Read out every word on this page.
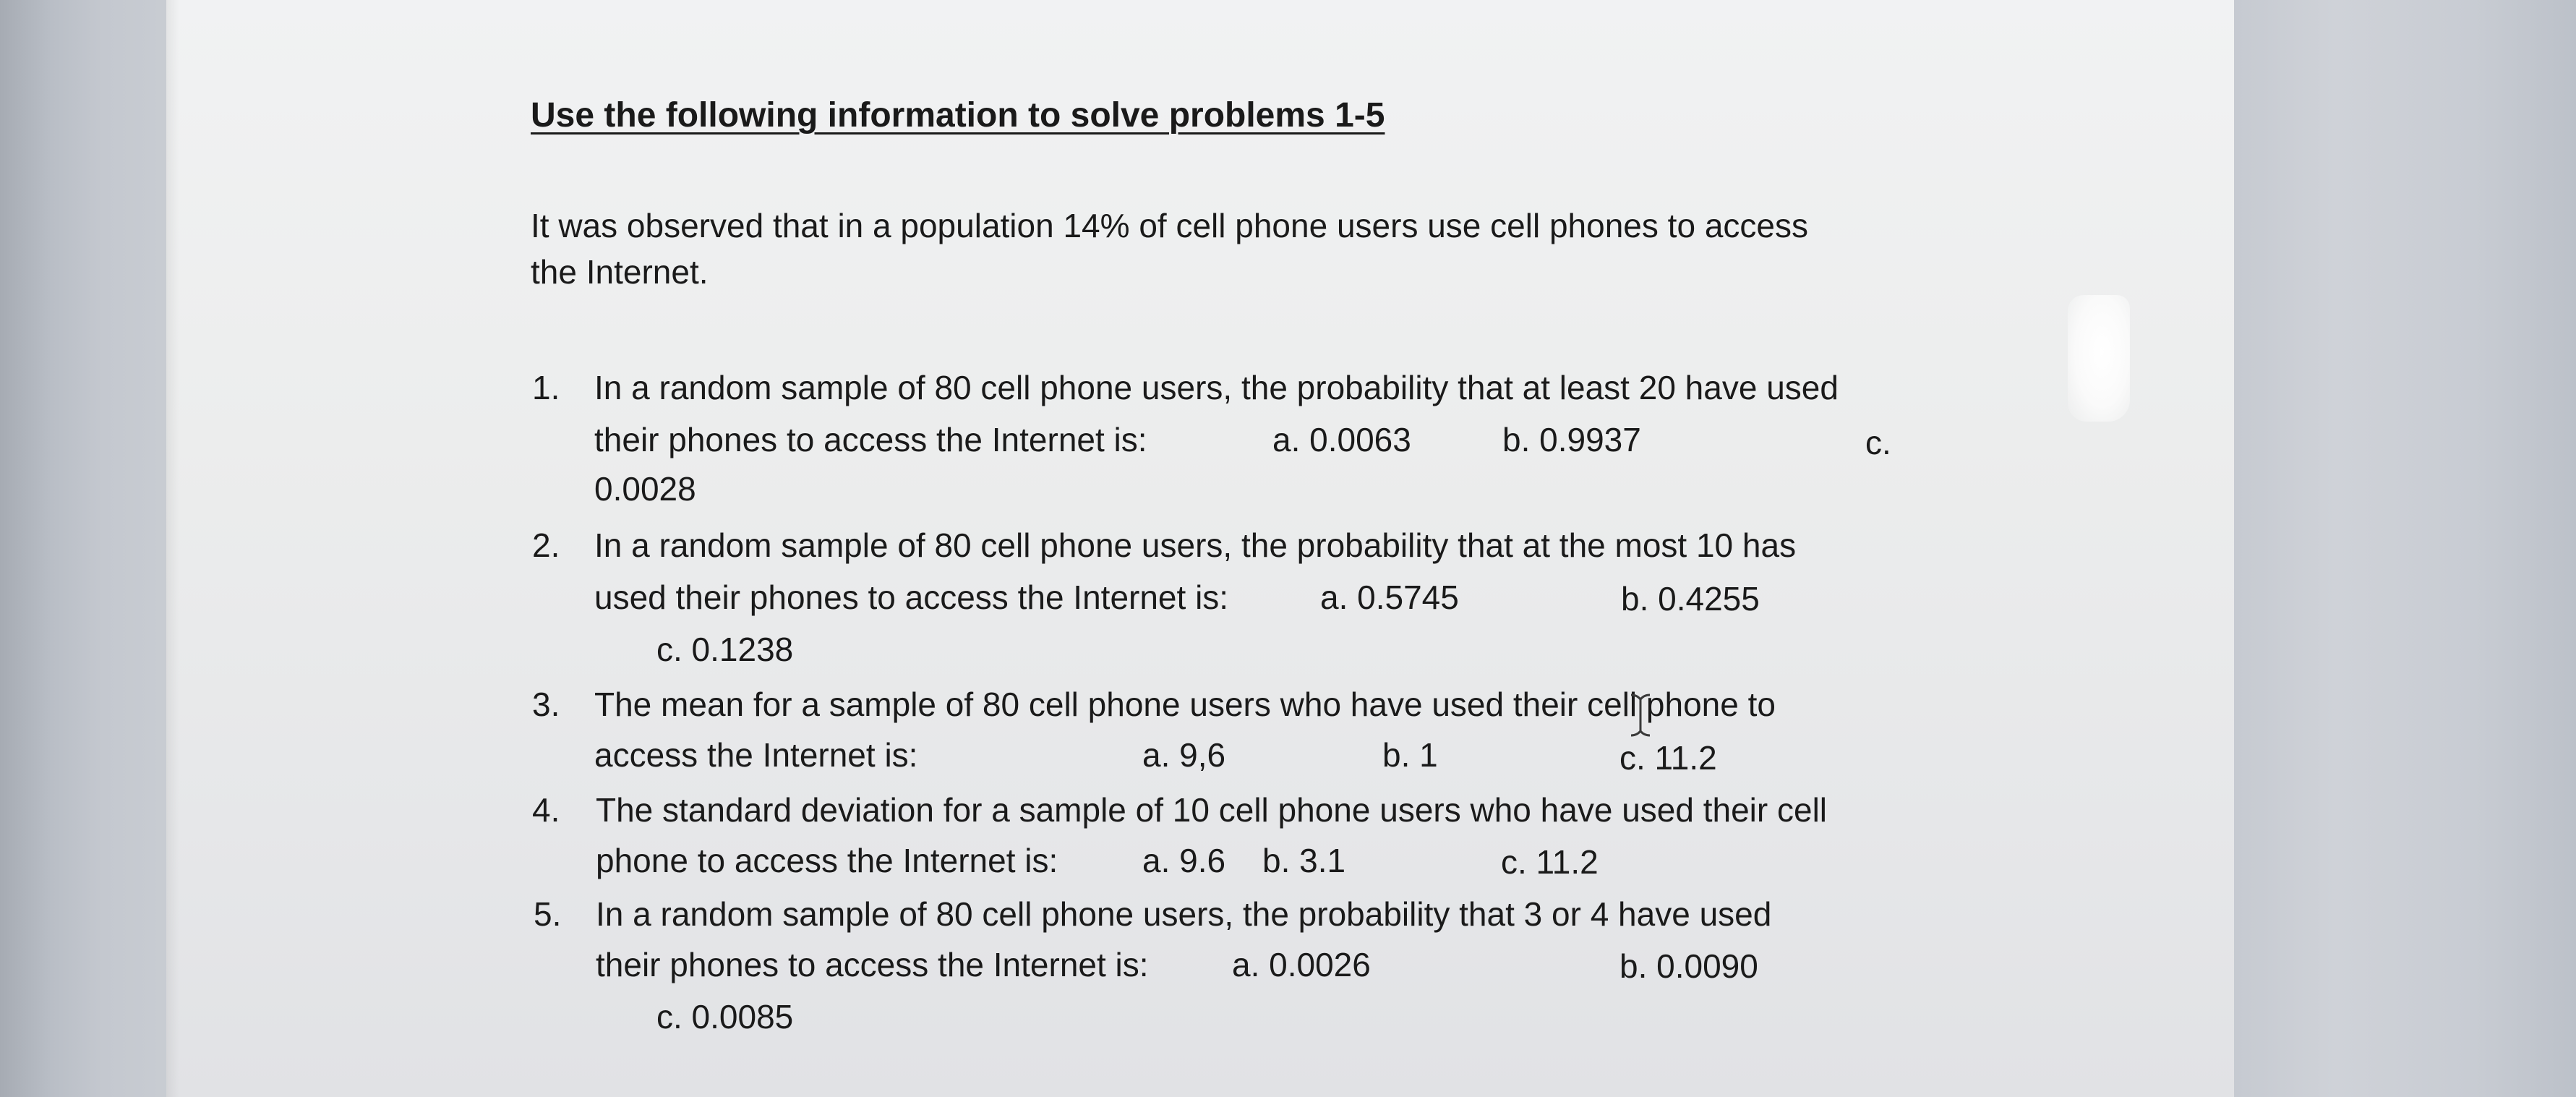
Use the following information to solve problems 1-5
It was observed that in a population 14% of cell phone users use cell phones to access
the Internet.
1. In a random sample of 80 cell phone users, the probability that at least 20 have used
their phones to access the Internet is:	a. 0.0063	b. 0.9937	c.
0.0028
2. In a random sample of 80 cell phone users, the probability that at the most 10 has
used their phones to access the Internet is:	a. 0.5745	b. 0.4255
c. 0.1238
3. The mean for a sample of 80 cell phone users who have used their cell phone to
access the Internet is:	a. 9,6	b. 1	c. 11.2
4. The standard deviation for a sample of 10 cell phone users who have used their cell
phone to access the Internet is:	a. 9.6 b. 3.1	c. 11.2
5. In a random sample of 80 cell phone users, the probability that 3 or 4 have used
their phones to access the Internet is:	a. 0.0026	b. 0.0090
c. 0.0085
